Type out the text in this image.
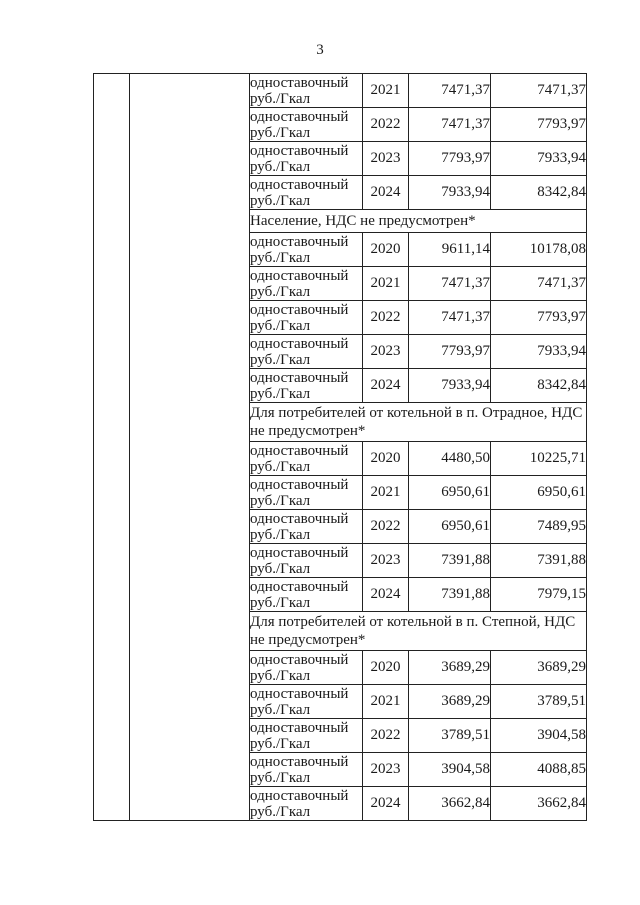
3
		одноставочный руб./Гкал	2021	7471,37	7471,37
		одноставочный руб./Гкал	2022	7471,37	7793,97
		одноставочный руб./Гкал	2023	7793,97	7933,94
		одноставочный руб./Гкал	2024	7933,94	8342,84
		Население, НДС не предусмотрен*			
		одноставочный руб./Гкал	2020	9611,14	10178,08
		одноставочный руб./Гкал	2021	7471,37	7471,37
		одноставочный руб./Гкал	2022	7471,37	7793,97
		одноставочный руб./Гкал	2023	7793,97	7933,94
		одноставочный руб./Гкал	2024	7933,94	8342,84
		Для потребителей от котельной в п. Отрадное, НДС не предусмотрен*			
		одноставочный руб./Гкал	2020	4480,50	10225,71
		одноставочный руб./Гкал	2021	6950,61	6950,61
		одноставочный руб./Гкал	2022	6950,61	7489,95
		одноставочный руб./Гкал	2023	7391,88	7391,88
		одноставочный руб./Гкал	2024	7391,88	7979,15
		Для потребителей от котельной в п. Степной, НДС не предусмотрен*			
		одноставочный руб./Гкал	2020	3689,29	3689,29
		одноставочный руб./Гкал	2021	3689,29	3789,51
		одноставочный руб./Гкал	2022	3789,51	3904,58
		одноставочный руб./Гкал	2023	3904,58	4088,85
		одноставочный руб./Гкал	2024	3662,84	3662,84
